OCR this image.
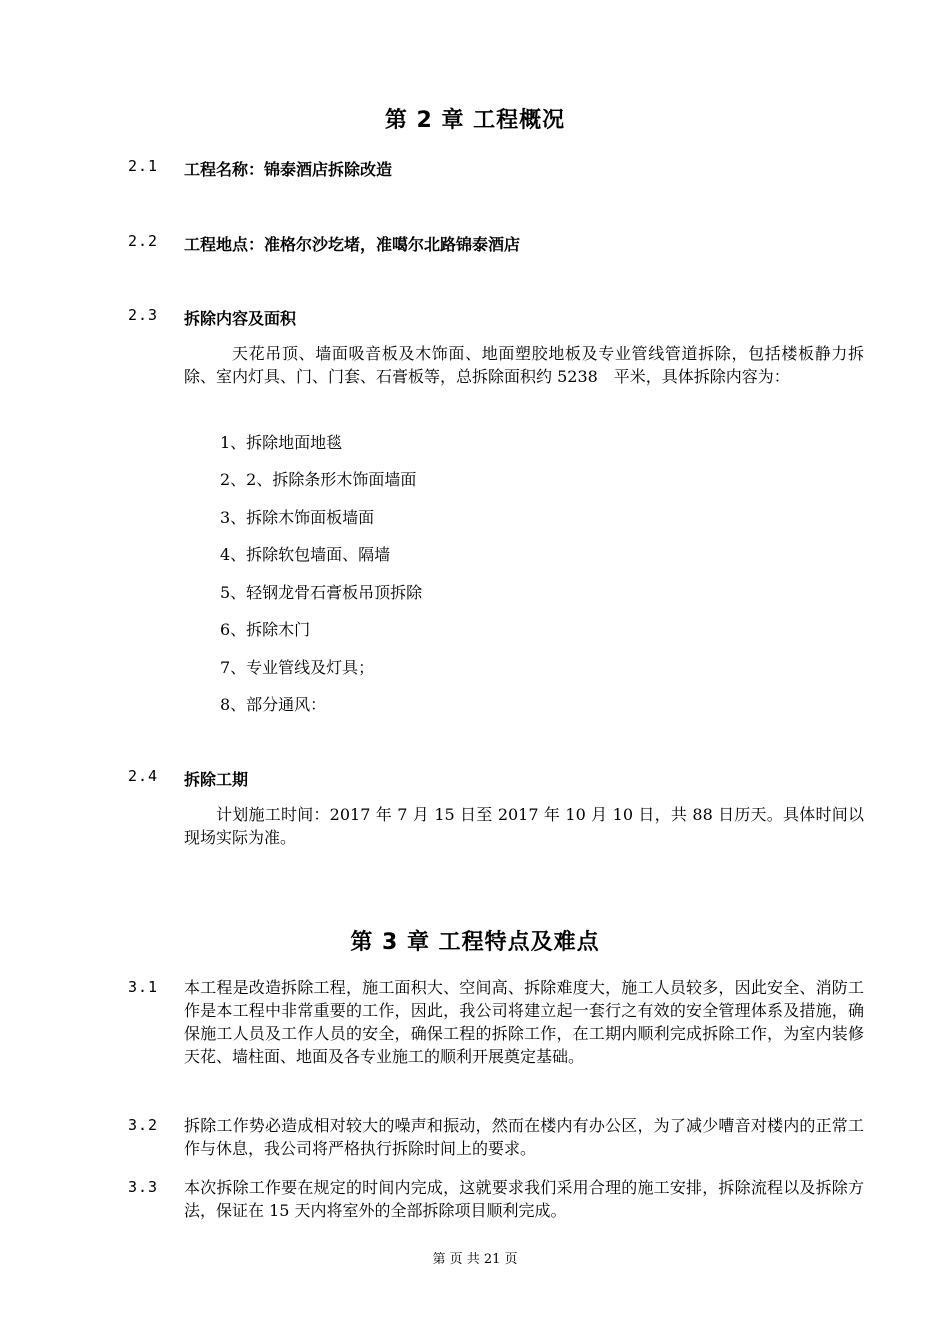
第 2 章 工程概况
2.1 工程名称：锦泰酒店拆除改造
2.2 工程地点：准格尔沙圪堵，准噶尔北路锦泰酒店
2.3 拆除内容及面积
天花吊顶、墙面吸音板及木饰面、地面塑胶地板及专业管线管道拆除，包括楼板静力拆除、室内灯具、门、门套、石膏板等，总拆除面积约 5238　平米，具体拆除内容为：
1、拆除地面地毯
2、2、拆除条形木饰面墙面
3、拆除木饰面板墙面
4、拆除软包墙面、隔墙
5、轻钢龙骨石膏板吊顶拆除
6、拆除木门
7、专业管线及灯具；
8、部分通风：
2.4 拆除工期
计划施工时间：2017 年 7 月 15 日至 2017 年 10 月 10 日，共 88 日历天。具体时间以现场实际为准。
第 3 章 工程特点及难点
3.1 本工程是改造拆除工程，施工面积大、空间高、拆除难度大，施工人员较多，因此安全、消防工作是本工程中非常重要的工作，因此，我公司将建立起一套行之有效的安全管理体系及措施，确保施工人员及工作人员的安全，确保工程的拆除工作，在工期内顺利完成拆除工作，为室内装修天花、墙柱面、地面及各专业施工的顺利开展奠定基础。
3.2 拆除工作势必造成相对较大的噪声和振动，然而在楼内有办公区，为了减少嘈音对楼内的正常工作与休息，我公司将严格执行拆除时间上的要求。
3.3 本次拆除工作要在规定的时间内完成，这就要求我们采用合理的施工安排，拆除流程以及拆除方法，保证在 15 天内将室外的全部拆除项目顺利完成。
第 页 共 21 页
